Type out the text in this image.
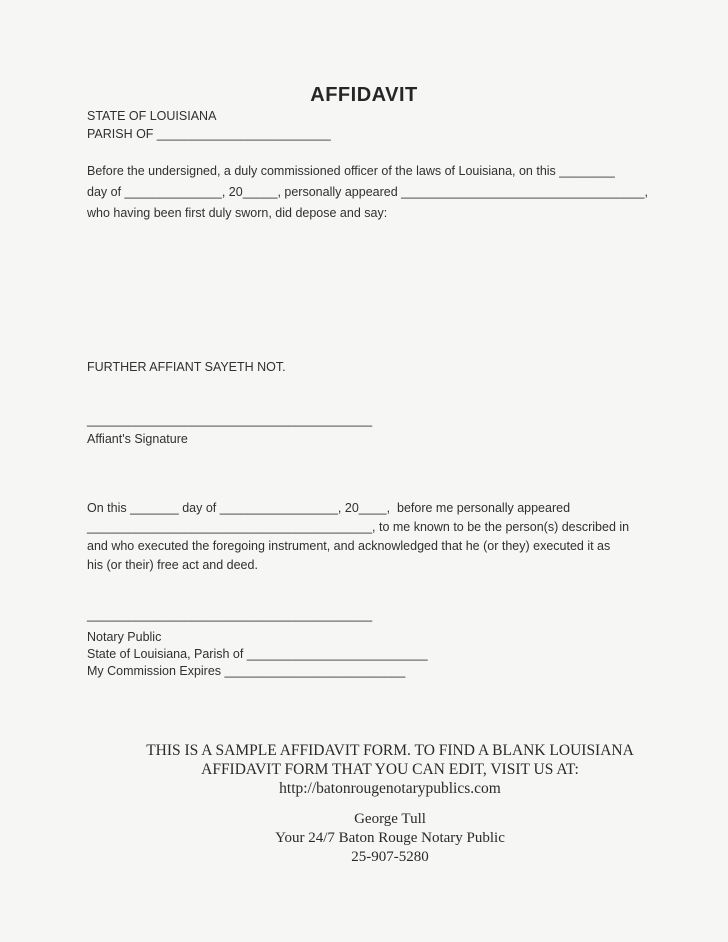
AFFIDAVIT
STATE OF LOUISIANA
PARISH OF _________________________
Before the undersigned, a duly commissioned officer of the laws of Louisiana, on this ________
day of ______________, 20_____, personally appeared ___________________________________,
who having been first duly sworn, did depose and say:
FURTHER AFFIANT SAYETH NOT.
_________________________________________
Affiant's Signature
On this _______ day of _________________, 20____,  before me personally appeared
_________________________________________, to me known to be the person(s) described in
and who executed the foregoing instrument, and acknowledged that he (or they) executed it as
his (or their) free act and deed.
_________________________________________
Notary Public
State of Louisiana, Parish of __________________________
My Commission Expires __________________________
THIS IS A SAMPLE AFFIDAVIT FORM. TO FIND A BLANK LOUISIANA
AFFIDAVIT FORM THAT YOU CAN EDIT, VISIT US AT:
http://batonrougenotarypublics.com
George Tull
Your 24/7 Baton Rouge Notary Public
25-907-5280
